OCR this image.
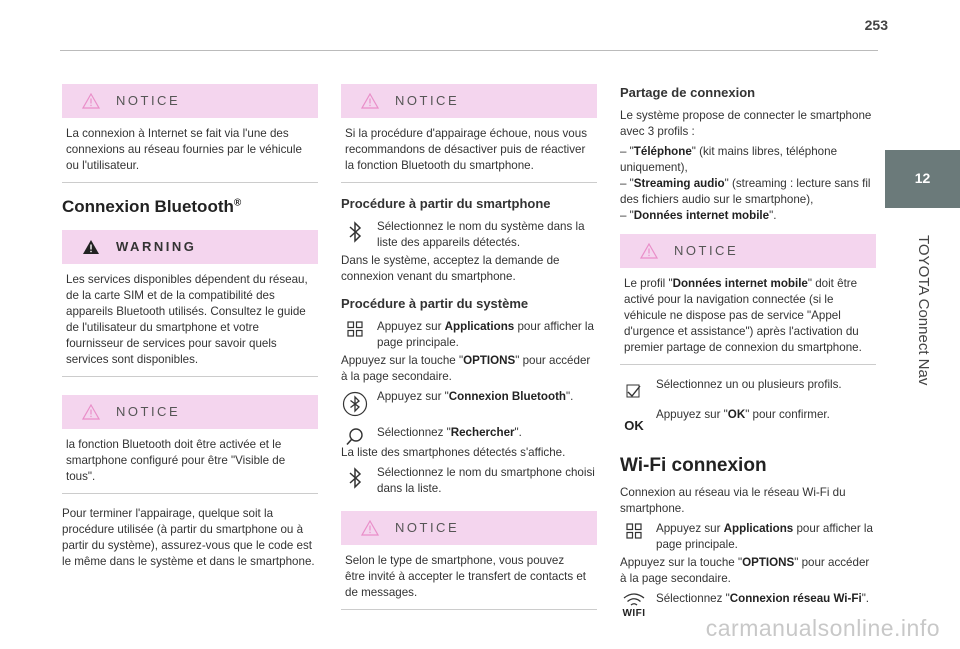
253
12
TOYOTA Connect Nav
NOTICE
La connexion à Internet se fait via l'une des connexions au réseau fournies par le véhicule ou l'utilisateur.
Connexion Bluetooth®
WARNING
Les services disponibles dépendent du réseau, de la carte SIM et de la compatibilité des appareils Bluetooth utilisés. Consultez le guide de l'utilisateur du smartphone et votre fournisseur de services pour savoir quels services sont disponibles.
NOTICE
la fonction Bluetooth doit être activée et le smartphone configuré pour être "Visible de tous".
Pour terminer l'appairage, quelque soit la procédure utilisée (à partir du smartphone ou à partir du système), assurez-vous que le code est le même dans le système et dans le smartphone.
NOTICE
Si la procédure d'appairage échoue, nous vous recommandons de désactiver puis de réactiver la fonction Bluetooth du smartphone.
Procédure à partir du smartphone
Sélectionnez le nom du système dans la liste des appareils détectés.
Dans le système, acceptez la demande de connexion venant du smartphone.
Procédure à partir du système
Appuyez sur Applications pour afficher la page principale.
Appuyez sur la touche "OPTIONS" pour accéder à la page secondaire.
Appuyez sur "Connexion Bluetooth".
Sélectionnez "Rechercher".
La liste des smartphones détectés s'affiche.
Sélectionnez le nom du smartphone choisi dans la liste.
NOTICE
Selon le type de smartphone, vous pouvez être invité à accepter le transfert de contacts et de messages.
Partage de connexion
Le système propose de connecter le smartphone avec 3 profils :
– "Téléphone" (kit mains libres, téléphone uniquement),
– "Streaming audio" (streaming : lecture sans fil des fichiers audio sur le smartphone),
– "Données internet mobile".
NOTICE
Le profil "Données internet mobile" doit être activé pour la navigation connectée (si le véhicule ne dispose pas de service "Appel d'urgence et assistance") après l'activation du premier partage de connexion du smartphone.
Sélectionnez un ou plusieurs profils.
OK
Appuyez sur "OK" pour confirmer.
Wi-Fi connexion
Connexion au réseau via le réseau Wi-Fi du smartphone.
Appuyez sur Applications pour afficher la page principale.
Appuyez sur la touche "OPTIONS" pour accéder à la page secondaire.
WIFI
Sélectionnez "Connexion réseau Wi-Fi".
carmanualsonline.info
